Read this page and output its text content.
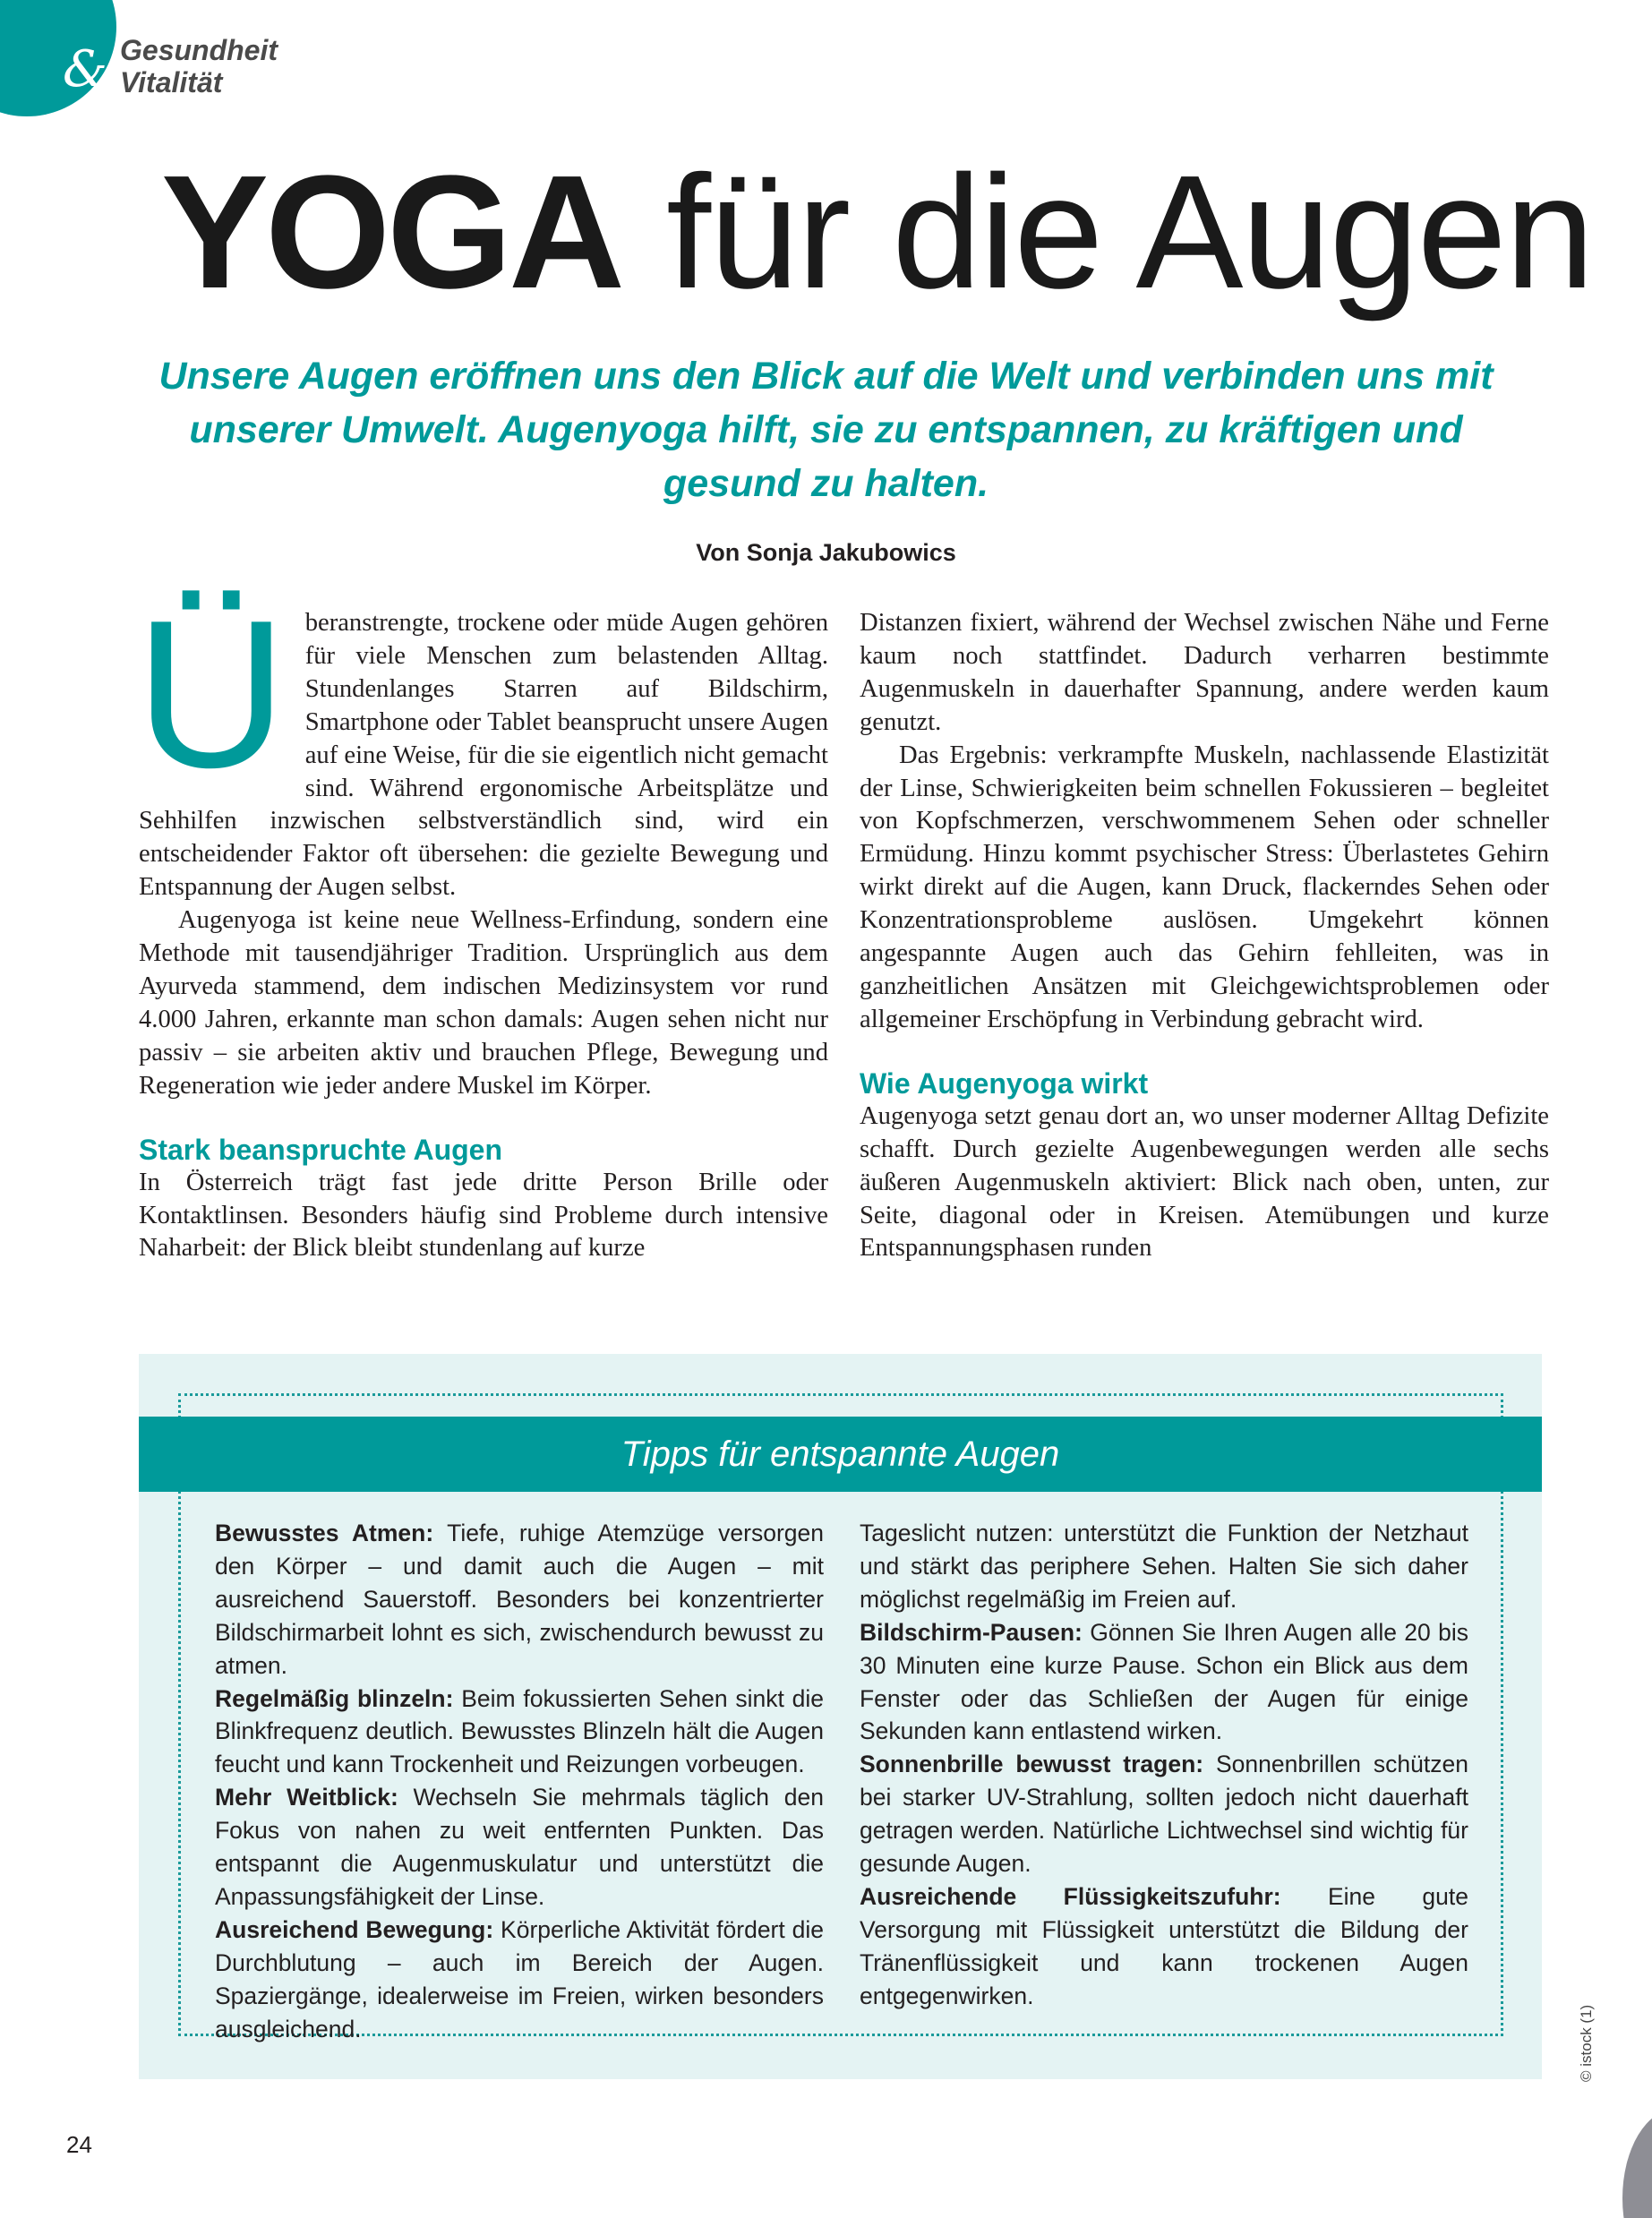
& Gesundheit
Vitalität
YOGA für die Augen
Unsere Augen eröffnen uns den Blick auf die Welt und verbinden uns mit unserer Umwelt. Augenyoga hilft, sie zu entspannen, zu kräftigen und gesund zu halten.
Von Sonja Jakubowics
Ü beranstrengte, trockene oder müde Augen gehören für viele Menschen zum belastenden Alltag. Stundenlanges Starren auf Bildschirm, Smartphone oder Tablet beansprucht unsere Augen auf eine Weise, für die sie eigentlich nicht gemacht sind. Während ergonomische Arbeitsplätze und Sehhilfen inzwischen selbstverständlich sind, wird ein entscheidender Faktor oft übersehen: die gezielte Bewegung und Entspannung der Augen selbst.

Augenyoga ist keine neue Wellness-Erfindung, sondern eine Methode mit tausendjähriger Tradition. Ursprünglich aus dem Ayurveda stammend, dem indischen Medizinsystem vor rund 4.000 Jahren, erkannte man schon damals: Augen sehen nicht nur passiv – sie arbeiten aktiv und brauchen Pflege, Bewegung und Regeneration wie jeder andere Muskel im Körper.

Stark beanspruchte Augen

In Österreich trägt fast jede dritte Person Brille oder Kontaktlinsen. Besonders häufig sind Probleme durch intensive Naharbeit: der Blick bleibt stundenlang auf kurze

Distanzen fixiert, während der Wechsel zwischen Nähe und Ferne kaum noch stattfindet. Dadurch verharren bestimmte Augenmuskeln in dauerhafter Spannung, andere werden kaum genutzt.

Das Ergebnis: verkrampfte Muskeln, nachlassende Elastizität der Linse, Schwierigkeiten beim schnellen Fokussieren – begleitet von Kopfschmerzen, verschwommenem Sehen oder schneller Ermüdung. Hinzu kommt psychischer Stress: Überlastetes Gehirn wirkt direkt auf die Augen, kann Druck, flackerndes Sehen oder Konzentrationsprobleme auslösen. Umgekehrt können angespannte Augen auch das Gehirn fehlleiten, was in ganzheitlichen Ansätzen mit Gleichgewichtsproblemen oder allgemeiner Erschöpfung in Verbindung gebracht wird.

Wie Augenyoga wirkt

Augenyoga setzt genau dort an, wo unser moderner Alltag Defizite schafft. Durch gezielte Augenbewegungen werden alle sechs äußeren Augenmuskeln aktiviert: Blick nach oben, unten, zur Seite, diagonal oder in Kreisen. Atemübungen und kurze Entspannungsphasen runden

Tipps für entspannte Augen

Bewusstes Atmen: Tiefe, ruhige Atemzüge versorgen den Körper – und damit auch die Augen – mit ausreichend Sauerstoff. Besonders bei konzentrierter Bildschirmarbeit lohnt es sich, zwischendurch bewusst zu atmen.

Regelmäßig blinzeln: Beim fokussierten Sehen sinkt die Blinkfrequenz deutlich. Bewusstes Blinzeln hält die Augen feucht und kann Trockenheit und Reizungen vorbeugen.

Mehr Weitblick: Wechseln Sie mehrmals täglich den Fokus von nahen zu weit entfernten Punkten. Das entspannt die Augenmuskulatur und unterstützt die Anpassungsfähigkeit der Linse.

Ausreichend Bewegung: Körperliche Aktivität fördert die Durchblutung – auch im Bereich der Augen. Spaziergänge, idealerweise im Freien, wirken besonders ausgleichend.

Tageslicht nutzen: unterstützt die Funktion der Netzhaut und stärkt das periphere Sehen. Halten Sie sich daher möglichst regelmäßig im Freien auf.

Bildschirm-Pausen: Gönnen Sie Ihren Augen alle 20 bis 30 Minuten eine kurze Pause. Schon ein Blick aus dem Fenster oder das Schließen der Augen für einige Sekunden kann entlastend wirken.

Sonnenbrille bewusst tragen: Sonnenbrillen schützen bei starker UV-Strahlung, sollten jedoch nicht dauerhaft getragen werden. Natürliche Lichtwechsel sind wichtig für gesunde Augen.

Ausreichende Flüssigkeitszufuhr: Eine gute Versorgung mit Flüssigkeit unterstützt die Bildung der Tränenflüssigkeit und kann trockenen Augen entgegenwirken.

© istock (1)
24
